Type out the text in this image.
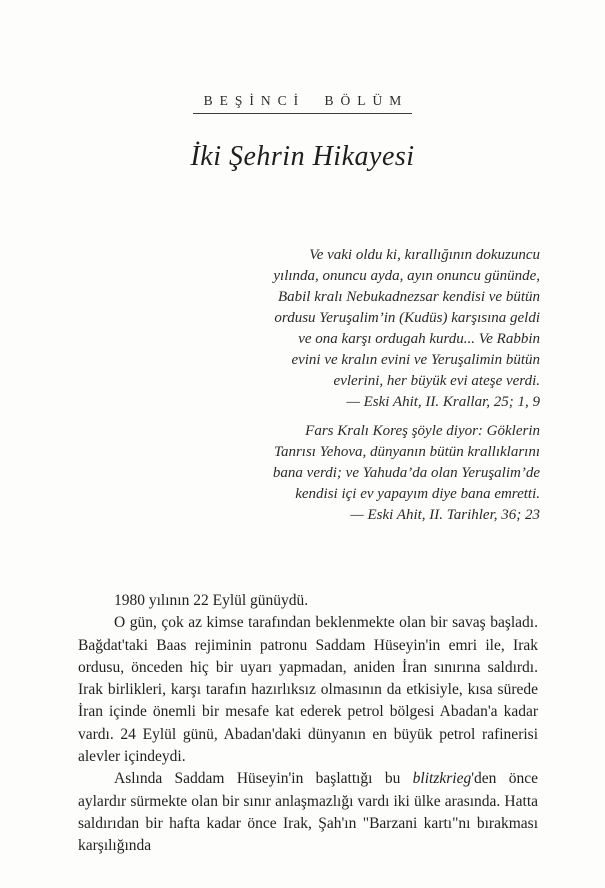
BEŞİNCİ BÖLÜM
İki Şehrin Hikayesi
Ve vaki oldu ki, kırallığının dokuzuncu
yılında, onuncu ayda, ayın onuncu gününde,
Babil kralı Nebukadnezsar kendisi ve bütün
ordusu Yeruşalim’in (Kudüs) karşısına geldi
ve ona karşı ordugah kurdu... Ve Rabbin
evini ve kralın evini ve Yeruşalimin bütün
evlerini, her büyük evi ateşe verdi.
— Eski Ahit, II. Krallar, 25; 1, 9
Fars Kralı Koreş şöyle diyor: Göklerin
Tanrısı Yehova, dünyanın bütün krallıklarını
bana verdi; ve Yahuda’da olan Yeruşalim’de
kendisi içi ev yapayım diye bana emretti.
— Eski Ahit, II. Tarihler, 36; 23

1980 yılının 22 Eylül günüydü.

O gün, çok az kimse tarafından beklenmekte olan bir savaş başladı. Bağdat'taki Baas rejiminin patronu Saddam Hüseyin'in emri ile, Irak ordusu, önceden hiç bir uyarı yapmadan, aniden İran sınırına saldırdı. Irak birlikleri, karşı tarafın hazırlıksız olmasının da etkisiyle, kısa sürede İran içinde önemli bir mesafe kat ederek petrol bölgesi Abadan'a kadar vardı. 24 Eylül günü, Abadan'daki dünyanın en büyük petrol rafinerisi alevler içindeydi.

Aslında Saddam Hüseyin'in başlattığı bu blitzkrieg'den önce aylardır sürmekte olan bir sınır anlaşmazlığı vardı iki ülke arasında. Hatta saldırıdan bir hafta kadar önce Irak, Şah'ın "Barzani kartı"nı bırakması karşılığında
